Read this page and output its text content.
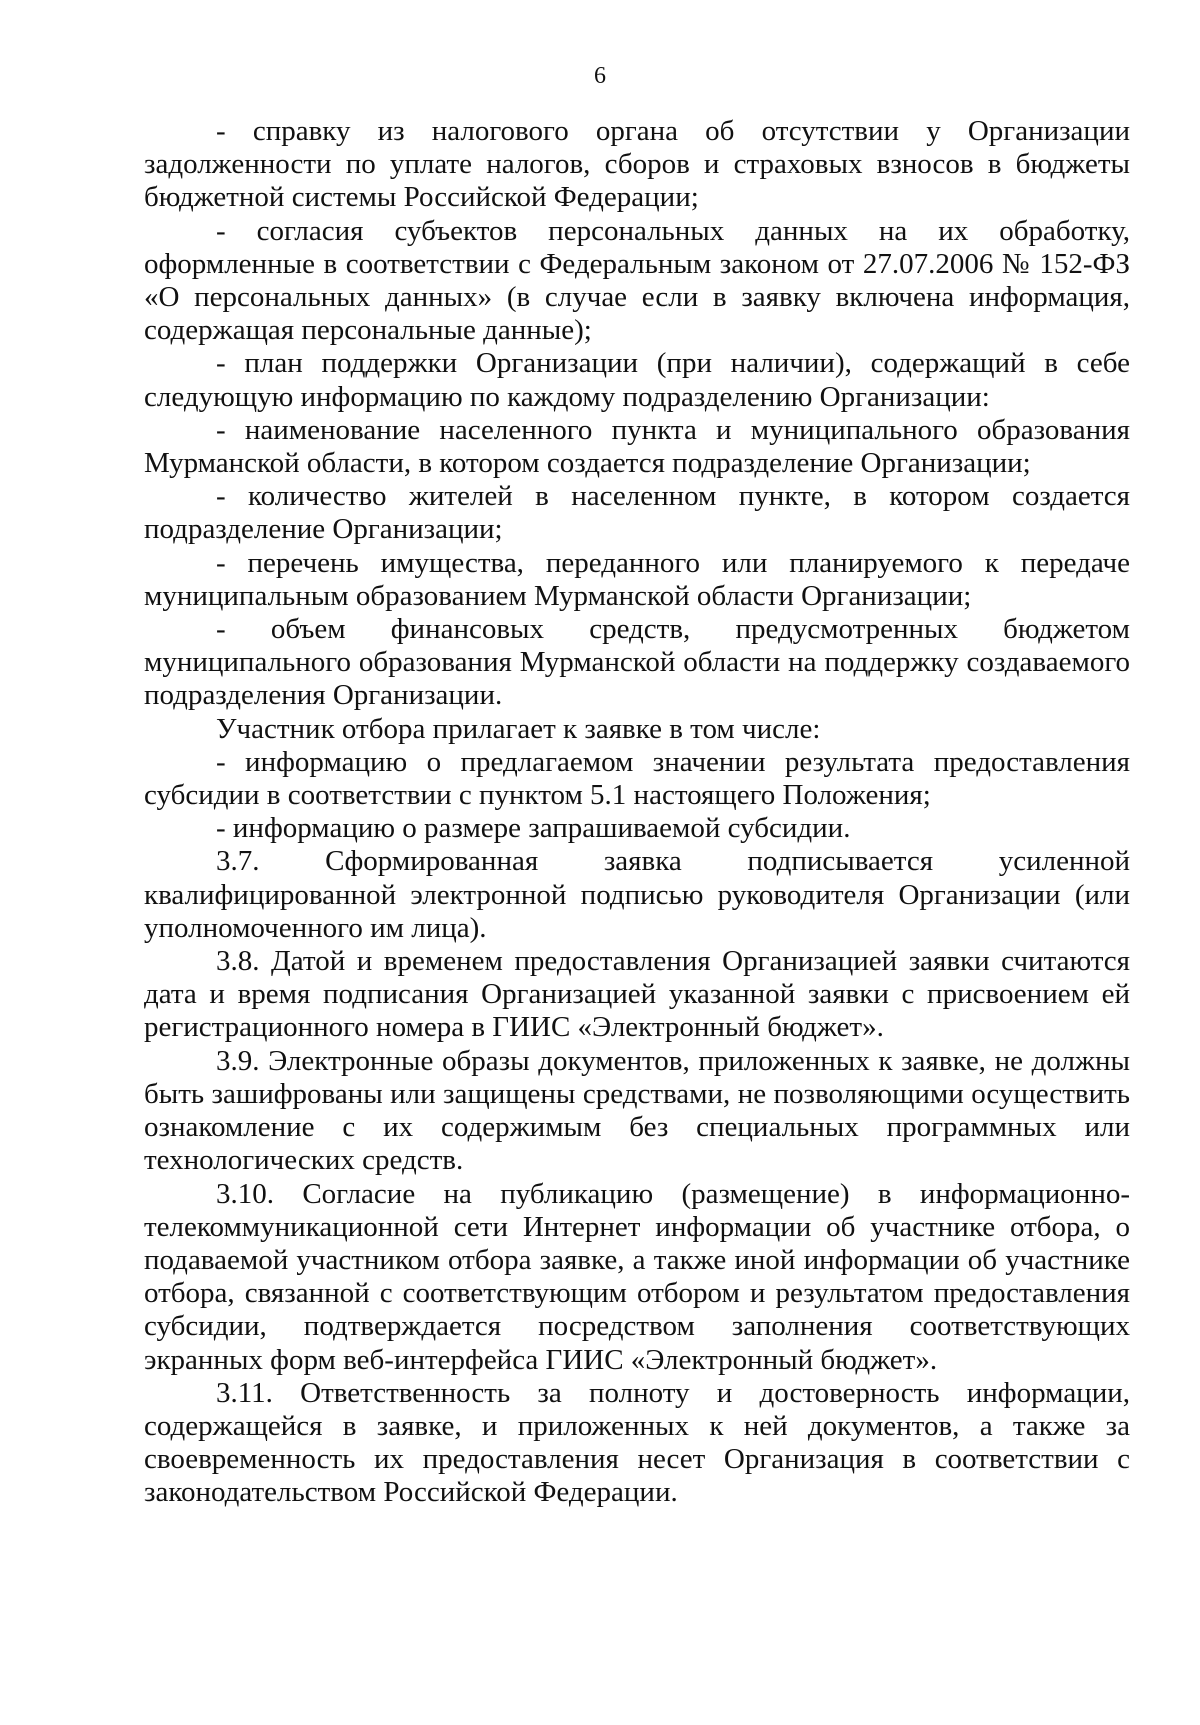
6

- справку из налогового органа об отсутствии у Организации задолженности по уплате налогов, сборов и страховых взносов в бюджеты бюджетной системы Российской Федерации;

- согласия субъектов персональных данных на их обработку, оформленные в соответствии с Федеральным законом от 27.07.2006 № 152-ФЗ «О персональных данных» (в случае если в заявку включена информация, содержащая персональные данные);

- план поддержки Организации (при наличии), содержащий в себе следующую информацию по каждому подразделению Организации:

- наименование населенного пункта и муниципального образования Мурманской области, в котором создается подразделение Организации;

- количество жителей в населенном пункте, в котором создается подразделение Организации;

- перечень имущества, переданного или планируемого к передаче муниципальным образованием Мурманской области Организации;

- объем финансовых средств, предусмотренных бюджетом муниципального образования Мурманской области на поддержку создаваемого подразделения Организации.

Участник отбора прилагает к заявке в том числе:

- информацию о предлагаемом значении результата предоставления субсидии в соответствии с пунктом 5.1 настоящего Положения;

- информацию о размере запрашиваемой субсидии.

3.7. Сформированная заявка подписывается усиленной квалифицированной электронной подписью руководителя Организации (или уполномоченного им лица).

3.8. Датой и временем предоставления Организацией заявки считаются дата и время подписания Организацией указанной заявки с присвоением ей регистрационного номера в ГИИС «Электронный бюджет».

3.9. Электронные образы документов, приложенных к заявке, не должны быть зашифрованы или защищены средствами, не позволяющими осуществить ознакомление с их содержимым без специальных программных или технологических средств.

3.10. Согласие на публикацию (размещение) в информационно-телекоммуникационной сети Интернет информации об участнике отбора, о подаваемой участником отбора заявке, а также иной информации об участнике отбора, связанной с соответствующим отбором и результатом предоставления субсидии, подтверждается посредством заполнения соответствующих экранных форм веб-интерфейса ГИИС «Электронный бюджет».

3.11. Ответственность за полноту и достоверность информации, содержащейся в заявке, и приложенных к ней документов, а также за своевременность их предоставления несет Организация в соответствии с законодательством Российской Федерации.
